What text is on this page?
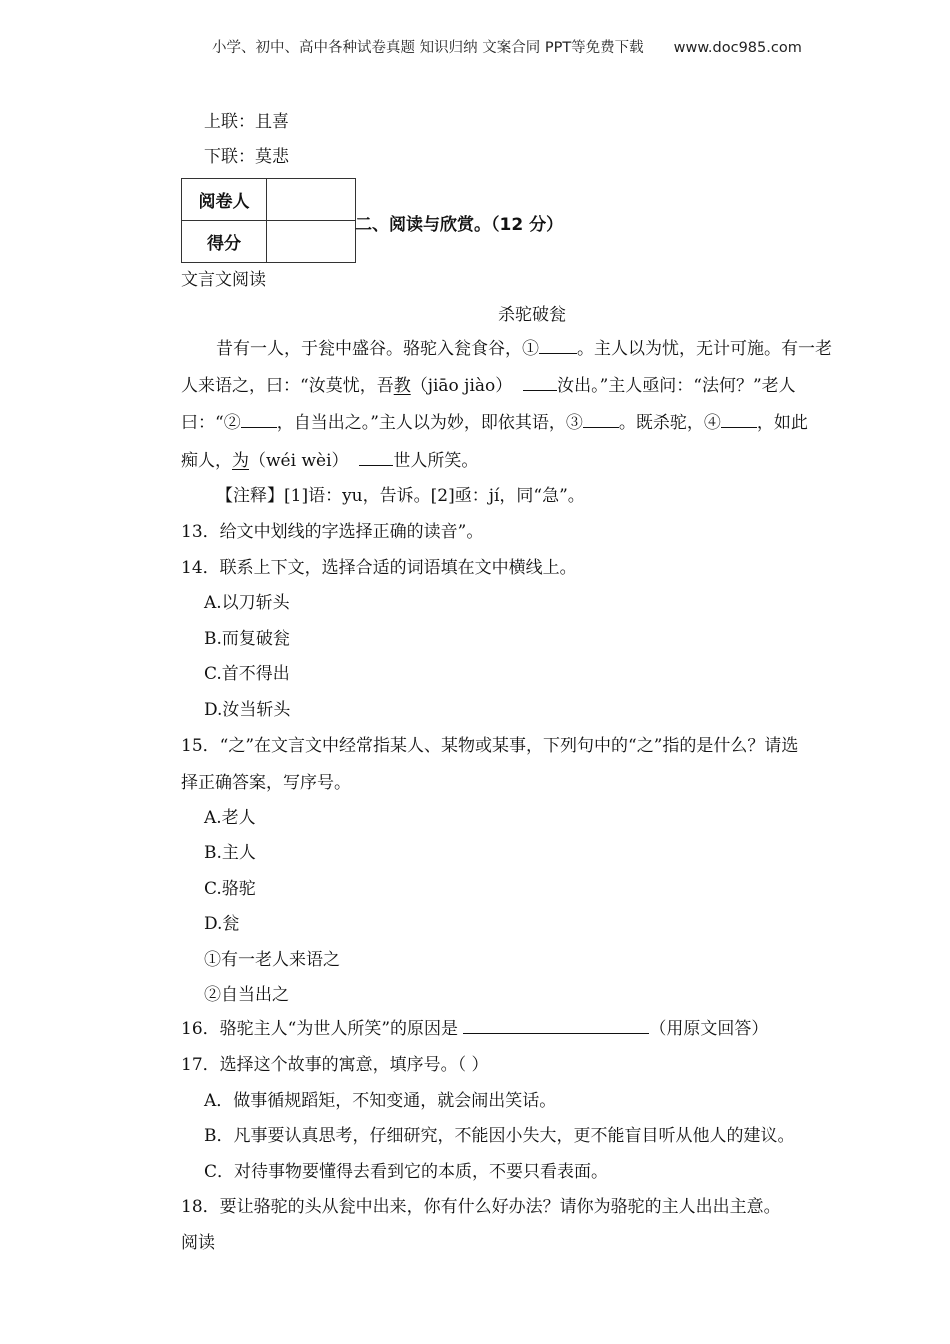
小学、初中、高中各种试卷真题 知识归纳 文案合同 PPT等免费下载 www.doc985.com
上联：且喜
下联：莫悲
阅卷人	
得分	
二、阅读与欣赏。（12 分）
文言文阅读
杀驼破瓮
昔有一人，于瓮中盛谷。骆驼入瓮食谷，① 。主人以为忧，无计可施。有一老
人来语之，曰：“汝莫忧，吾教（jiāo jiào）	汝出。”主人亟问：“法何？”老人
曰：“② ，自当出之。”主人以为妙，即依其语，③ 。既杀驼，④ ，如此
痴人，为（wéi wèi）	世人所笑。
【注释】[1]语：yu，告诉。[2]亟：jí，同“急”。
13．给文中划线的字选择正确的读音”。
14．联系上下文，选择合适的词语填在文中横线上。
A.以刀斩头
B.而复破瓮
C.首不得出
D.汝当斩头
15．“之”在文言文中经常指某人、某物或某事，下列句中的“之”指的是什么？请选
择正确答案，写序号。
A.老人
B.主人
C.骆驼
D.瓮
①有一老人来语之
②自当出之
16．骆驼主人“为世人所笑”的原因是	（用原文回答）
17．选择这个故事的寓意，填序号。（ ）
A．做事循规蹈矩，不知变通，就会闹出笑话。
B．凡事要认真思考，仔细研究，不能因小失大，更不能盲目听从他人的建议。
C．对待事物要懂得去看到它的本质，不要只看表面。
18．要让骆驼的头从瓮中出来，你有什么好办法？请你为骆驼的主人出出主意。
阅读
